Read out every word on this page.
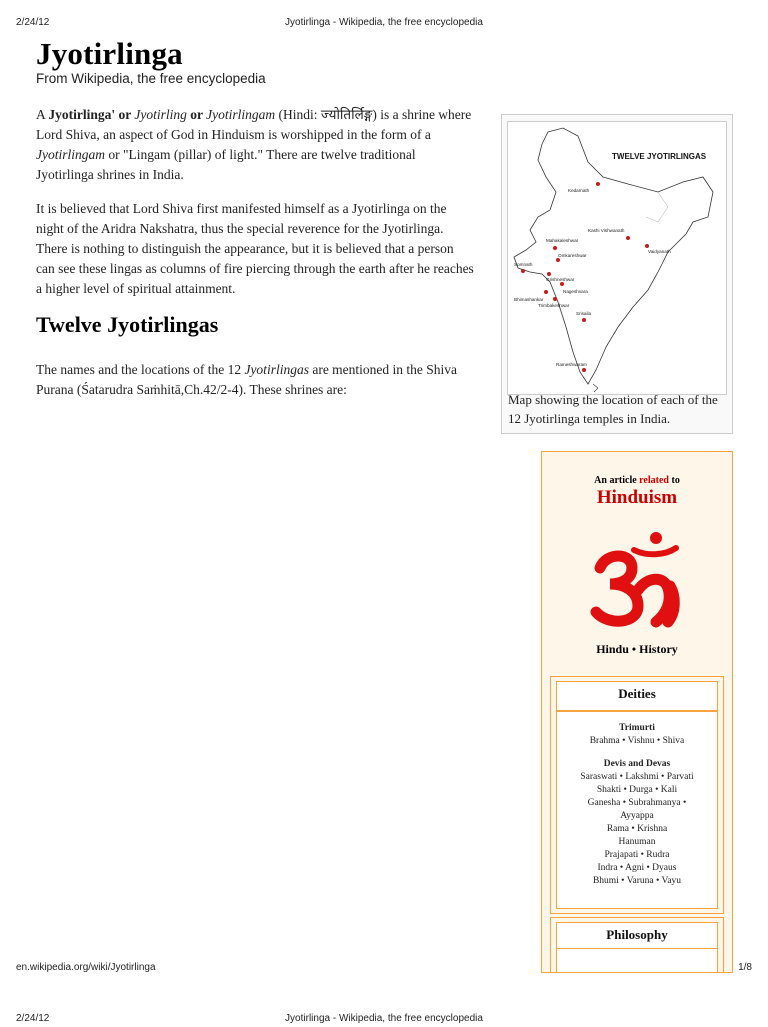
2/24/12	Jyotirlinga - Wikipedia, the free encyclopedia
Jyotirlinga
From Wikipedia, the free encyclopedia

A Jyotirlinga' or Jyotirling or Jyotirlingam (Hindi: ज्योतिर्लिङ्ग) is a shrine where Lord Shiva, an aspect of God in Hinduism is worshipped in the form of a Jyotirlingam or "Lingam (pillar) of light." There are twelve traditional Jyotirlinga shrines in India.

It is believed that Lord Shiva first manifested himself as a Jyotirlinga on the night of the Aridra Nakshatra, thus the special reverence for the Jyotirlinga. There is nothing to distinguish the appearance, but it is believed that a person can see these lingas as columns of fire piercing through the earth after he reaches a higher level of spiritual attainment.

Twelve Jyotirlingas

The names and the locations of the 12 Jyotirlingas are mentioned in the Shiva Purana (Śatarudra Saṁhitā,Ch.42/2-4). These shrines are:

TWELVE JYOTIRLINGAS
Kedarnath
Kashi Vishwanath
Mahakaleshwar
Vaidyanath
Omkareshwar
Somnath
Grishneshwar
Nageshvara
Bhimashankar
Trimbakeshwar
Srisaila
Rameshwaram
Map showing the location of each of the 12 Jyotirlinga temples in India.
An article related to
Hinduism
Hindu • History
Deities
Trimurti
Brahma • Vishnu • Shiva
Devis and Devas
Saraswati • Lakshmi • Parvati
Shakti • Durga • Kali
Ganesha • Subrahmanya •
Ayyappa
Rama • Krishna
Hanuman
Prajapati • Rudra
Indra • Agni • Dyaus
Bhumi • Varuna • Vayu
Philosophy
en.wikipedia.org/wiki/Jyotirlinga	1/8
2/24/12	Jyotirlinga - Wikipedia, the free encyclopedia
